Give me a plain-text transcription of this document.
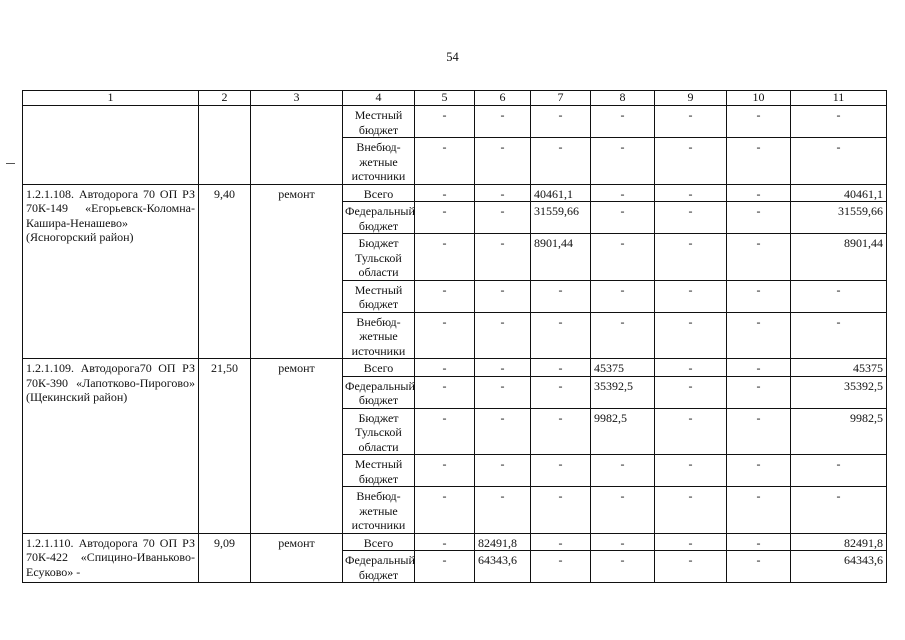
54
1	2	3	4	5	6	7	8	9	10	11
			Местный бюджет	-	-	-	-	-	-	-
			Внебюд-жетные источники	-	-	-	-	-	-	-
1.2.1.108. Автодорога 70 ОП РЗ 70К-149 «Егорьевск-Коломна-Кашира-Ненашево» (Ясногорский район)	9,40	ремонт	Всего	-	-	40461,1	-	-	-	40461,1
			Федеральный бюджет	-	-	31559,66	-	-	-	31559,66
			Бюджет Тульской области	-	-	8901,44	-	-	-	8901,44
			Местный бюджет	-	-	-	-	-	-	-
			Внебюд-жетные источники	-	-	-	-	-	-	-
1.2.1.109. Автодорога70 ОП РЗ 70К-390 «Лапотково-Пирогово» (Щекинский район)	21,50	ремонт	Всего	-	-	-	45375	-	-	45375
			Федеральный бюджет	-	-	-	35392,5	-	-	35392,5
			Бюджет Тульской области	-	-	-	9982,5	-	-	9982,5
			Местный бюджет	-	-	-	-	-	-	-
			Внебюд-жетные источники	-	-	-	-	-	-	-
1.2.1.110. Автодорога 70 ОП РЗ 70К-422 «Спицино-Иваньково-Есуково» -	9,09	ремонт	Всего	-	82491,8	-	-	-	-	82491,8
			Федеральный бюджет	-	64343,6	-	-	-	-	64343,6
